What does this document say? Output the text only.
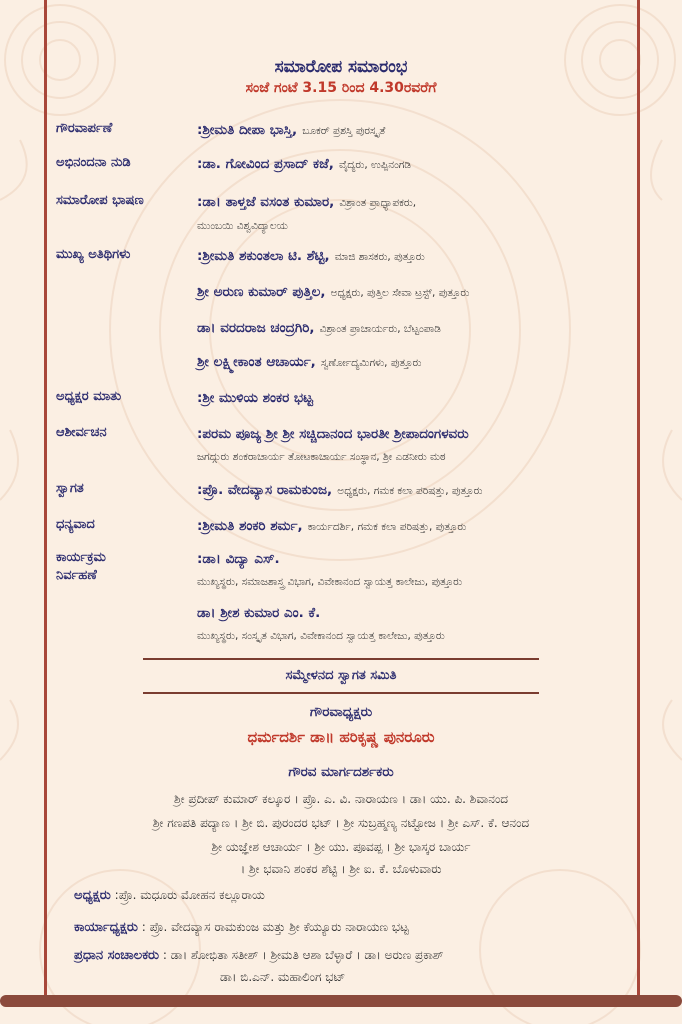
ಸಮಾರೋಪ ಸಮಾರಂಭ
ಸಂಜೆ ಗಂಟೆ 3.15 ರಿಂದ 4.30ರವರೆಗೆ
ಗೌರವಾರ್ಪಣೆ	:ಶ್ರೀಮತಿ ದೀಪಾ ಭಾಸ್ತಿ, ಬೂಕರ್ ಪ್ರಶಸ್ತಿ ಪುರಸ್ಕೃತೆ
ಅಭಿನಂದನಾ ನುಡಿ	:ಡಾ. ಗೋವಿಂದ ಪ್ರಸಾದ್ ಕಜೆ, ವೈದ್ಯರು, ಉಪ್ಪಿನಂಗಡಿ
ಸಮಾರೋಪ ಭಾಷಣ	:ಡಾ। ತಾಳ್ತಜೆ ವಸಂತ ಕುಮಾರ, ವಿಶ್ರಾಂತ ಪ್ರಾಧ್ಯಾಪಕರು,
ಮುಂಬಯಿ ವಿಶ್ವವಿದ್ಯಾಲಯ
ಮುಖ್ಯ ಅತಿಥಿಗಳು	:ಶ್ರೀಮತಿ ಶಕುಂತಲಾ ಟಿ. ಶೆಟ್ಟಿ, ಮಾಜಿ ಶಾಸಕರು, ಪುತ್ತೂರು
ಶ್ರೀ ಅರುಣ ಕುಮಾರ್ ಪುತ್ತಿಲ, ಅಧ್ಯಕ್ಷರು, ಪುತ್ತಿಲ ಸೇವಾ ಟ್ರಸ್ಟ್, ಪುತ್ತೂರು
ಡಾ। ವರದರಾಜ ಚಂದ್ರಗಿರಿ, ವಿಶ್ರಾಂತ ಪ್ರಾಚಾರ್ಯರು, ಬೆಟ್ಟಂಪಾಡಿ
ಶ್ರೀ ಲಕ್ಷ್ಮೀಕಾಂತ ಆಚಾರ್ಯ, ಸ್ವರ್ಣೋದ್ಯಮಿಗಳು, ಪುತ್ತೂರು
ಅಧ್ಯಕ್ಷರ ಮಾತು	:ಶ್ರೀ ಮುಳಿಯ ಶಂಕರ ಭಟ್ಟ
ಆಶೀರ್ವಚನ	:ಪರಮ ಪೂಜ್ಯ ಶ್ರೀ ಶ್ರೀ ಸಚ್ಚಿದಾನಂದ ಭಾರತೀ ಶ್ರೀಪಾದಂಗಳವರು
ಜಗದ್ಗುರು ಶಂಕರಾಚಾರ್ಯ ತೋಟಕಾಚಾರ್ಯ ಸಂಸ್ಥಾನ, ಶ್ರೀ ಎಡನೀರು ಮಠ
ಸ್ವಾಗತ	:ಪ್ರೊ. ವೇದವ್ಯಾಸ ರಾಮಕುಂಜ, ಅಧ್ಯಕ್ಷರು, ಗಮಕ ಕಲಾ ಪರಿಷತ್ತು, ಪುತ್ತೂರು
ಧನ್ಯವಾದ	:ಶ್ರೀಮತಿ ಶಂಕರಿ ಶರ್ಮ, ಕಾರ್ಯದರ್ಶಿ, ಗಮಕ ಕಲಾ ಪರಿಷತ್ತು, ಪುತ್ತೂರು
ಕಾರ್ಯಕ್ರಮ
ನಿರ್ವಹಣೆ
:ಡಾ। ವಿದ್ಯಾ ಎಸ್.
ಮುಖ್ಯಸ್ಥರು, ಸಮಾಜಶಾಸ್ತ್ರ ವಿಭಾಗ, ವಿವೇಕಾನಂದ ಸ್ವಾಯತ್ತ ಕಾಲೇಜು, ಪುತ್ತೂರು
ಡಾ। ಶ್ರೀಶ ಕುಮಾರ ಎಂ. ಕೆ.
ಮುಖ್ಯಸ್ಥರು, ಸಂಸ್ಕೃತ ವಿಭಾಗ, ವಿವೇಕಾನಂದ ಸ್ವಾಯತ್ತ ಕಾಲೇಜು, ಪುತ್ತೂರು
ಸಮ್ಮೇಳನದ ಸ್ವಾಗತ ಸಮಿತಿ
ಗೌರವಾಧ್ಯಕ್ಷರು
ಧರ್ಮದರ್ಶಿ ಡಾ॥ ಹರಿಕೃಷ್ಣ ಪುನರೂರು
ಗೌರವ ಮಾರ್ಗದರ್ಶಕರು
ಶ್ರೀ ಪ್ರದೀಪ್ ಕುಮಾರ್ ಕಲ್ಕೂರ । ಪ್ರೊ. ಎ. ವಿ. ನಾರಾಯಣ । ಡಾ। ಯು. ಪಿ. ಶಿವಾನಂದ
ಶ್ರೀ ಗಣಪತಿ ಪದ್ಯಾಣ । ಶ್ರೀ ಬಿ. ಪುರಂದರ ಭಟ್ । ಶ್ರೀ ಸುಬ್ರಹ್ಮಣ್ಯ ನಟ್ಟೋಜ । ಶ್ರೀ ಎಸ್. ಕೆ. ಆನಂದ
ಶ್ರೀ ಯಜ್ಞೇಶ ಆಚಾರ್ಯ । ಶ್ರೀ ಯು. ಪೂವಪ್ಪ । ಶ್ರೀ ಭಾಸ್ಕರ ಬಾರ್ಯ
। ಶ್ರೀ ಭವಾನಿ ಶಂಕರ ಶೆಟ್ಟಿ । ಶ್ರೀ ಐ. ಕೆ. ಬೊಳುವಾರು
ಅಧ್ಯಕ್ಷರು :ಪ್ರೊ. ಮಧೂರು ಮೋಹನ ಕಲ್ಲೂರಾಯ
ಕಾರ್ಯಾಧ್ಯಕ್ಷರು : ಪ್ರೊ. ವೇದವ್ಯಾಸ ರಾಮಕುಂಜ ಮತ್ತು ಶ್ರೀ ಕೆಯ್ಯೂರು ನಾರಾಯಣ ಭಟ್ಟ
ಪ್ರಧಾನ ಸಂಚಾಲಕರು : ಡಾ। ಶೋಭಿತಾ ಸತೀಶ್ । ಶ್ರೀಮತಿ ಆಶಾ ಬೆಳ್ಳಾರೆ । ಡಾ। ಅರುಣ ಪ್ರಕಾಶ್
ಡಾ। ಬಿ.ಎನ್. ಮಹಾಲಿಂಗ ಭಟ್
